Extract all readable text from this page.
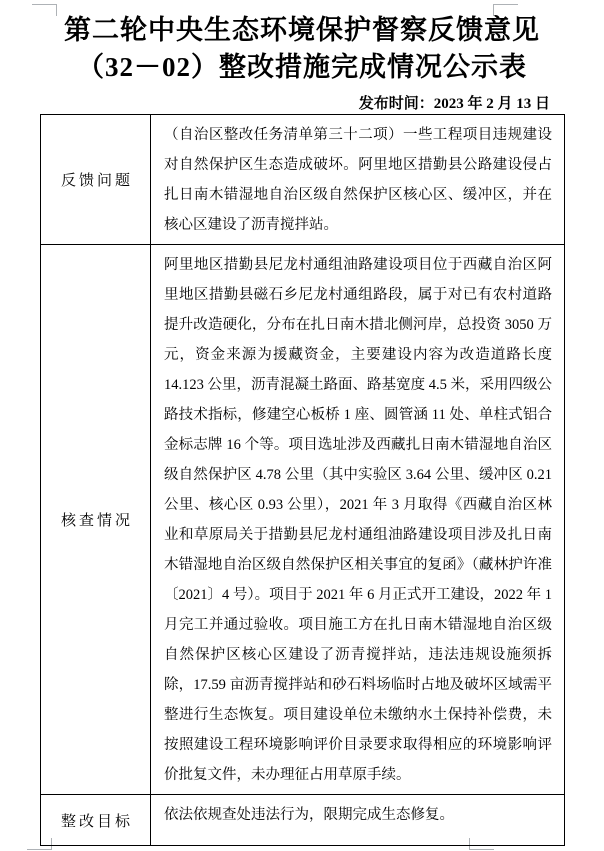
第二轮中央生态环境保护督察反馈意见
（32－02）整改措施完成情况公示表
发布时间：2023 年 2 月 13 日
反馈问题	（自治区整改任务清单第三十二项）一些工程项目违规建设对自然保护区生态造成破坏。阿里地区措勤县公路建设侵占扎日南木错湿地自治区级自然保护区核心区、缓冲区，并在核心区建设了沥青搅拌站。
核查情况	阿里地区措勤县尼龙村通组油路建设项目位于西藏自治区阿里地区措勤县磁石乡尼龙村通组路段，属于对已有农村道路提升改造硬化，分布在扎日南木措北侧河岸，总投资 3050 万元，资金来源为援藏资金，主要建设内容为改造道路长度 14.123 公里，沥青混凝土路面、路基宽度 4.5 米，采用四级公路技术指标，修建空心板桥 1 座、圆管涵 11 处、单柱式铝合金标志牌 16 个等。项目选址涉及西藏扎日南木错湿地自治区级自然保护区 4.78 公里（其中实验区 3.64 公里、缓冲区 0.21 公里、核心区 0.93 公里），2021 年 3 月取得《西藏自治区林业和草原局关于措勤县尼龙村通组油路建设项目涉及扎日南木错湿地自治区级自然保护区相关事宜的复函》（藏林护许准〔2021〕4 号）。项目于 2021 年 6 月正式开工建设，2022 年 1 月完工并通过验收。项目施工方在扎日南木错湿地自治区级自然保护区核心区建设了沥青搅拌站，违法违规设施须拆除，17.59 亩沥青搅拌站和砂石料场临时占地及破坏区域需平整进行生态恢复。项目建设单位未缴纳水土保持补偿费，未按照建设工程环境影响评价目录要求取得相应的环境影响评价批复文件，未办理征占用草原手续。
整改目标	依法依规查处违法行为，限期完成生态修复。
